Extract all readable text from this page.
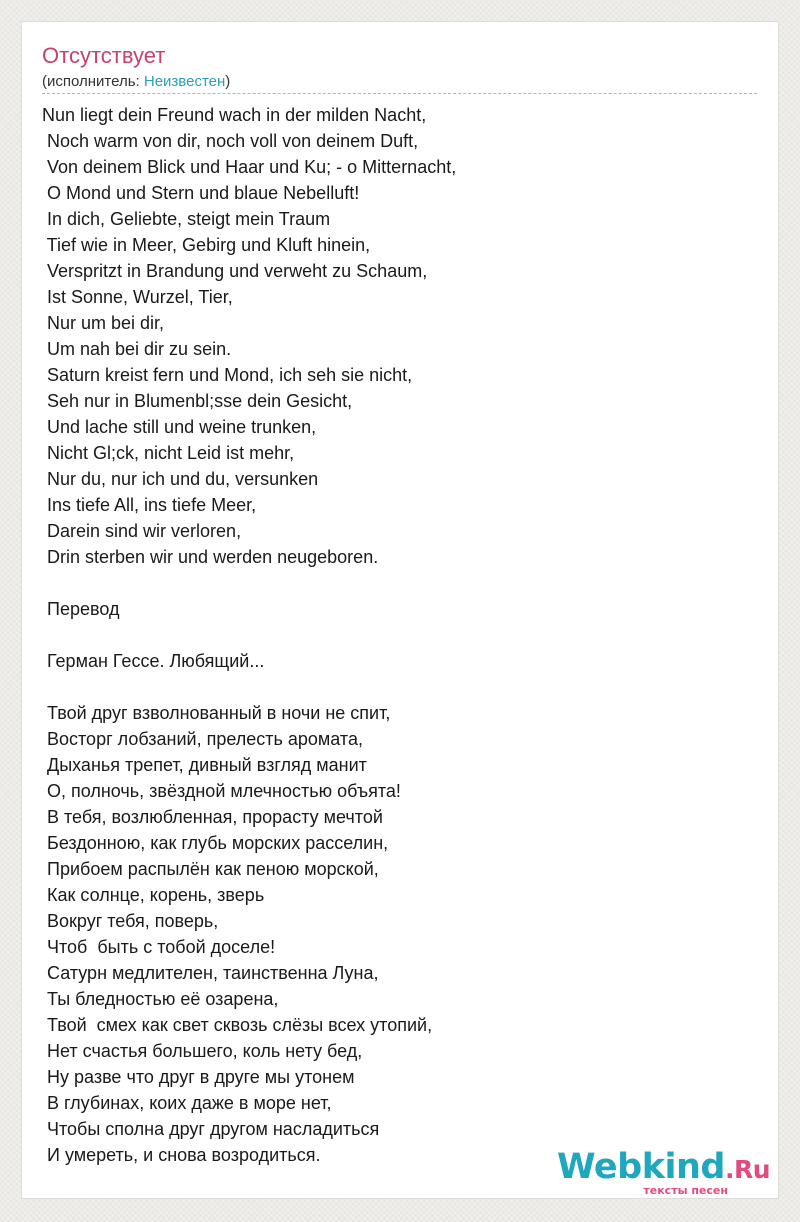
Отсутствует
(исполнитель: Неизвестен)
Nun liegt dein Freund wach in der milden Nacht,
Noch warm von dir, noch voll von deinem Duft,
Von deinem Blick und Haar und Ku; - o Mitternacht,
O Mond und Stern und blaue Nebelluft!
In dich, Geliebte, steigt mein Traum
Tief wie in Meer, Gebirg und Kluft hinein,
Verspritzt in Brandung und verweht zu Schaum,
Ist Sonne, Wurzel, Tier,
Nur um bei dir,
Um nah bei dir zu sein.
Saturn kreist fern und Mond, ich seh sie nicht,
Seh nur in Blumenbl;sse dein Gesicht,
Und lache still und weine trunken,
Nicht Gl;ck, nicht Leid ist mehr,
Nur du, nur ich und du, versunken
Ins tiefe All, ins tiefe Meer,
Darein sind wir verloren,
Drin sterben wir und werden neugeboren.
Перевод
Герман Гессе. Любящий...
Твой друг взволнованный в ночи не спит,
Восторг лобзаний, прелесть аромата,
Дыханья трепет, дивный взгляд манит
О, полночь, звёздной млечностью объята!
В тебя, возлюбленная, прорасту мечтой
Бездонною, как глубь морских расселин,
Прибоем распылён как пеною морской,
Как солнце, корень, зверь
Вокруг тебя, поверь,
Чтоб  быть с тобой доселе!
Сатурн медлителен, таинственна Луна,
Ты бледностью её озарена,
Твой  смех как свет сквозь слёзы всех утопий,
Нет счастья большего, коль нету бед,
Ну разве что друг в друге мы утонем
В глубинах, коих даже в море нет,
Чтобы сполна друг другом насладиться
И умереть, и снова возродиться.	Webkind.Ru
тексты песен
